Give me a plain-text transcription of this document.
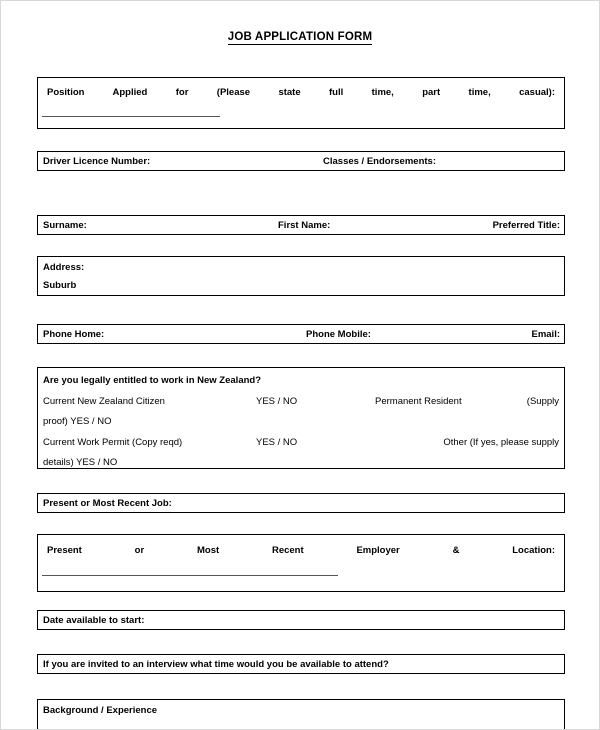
JOB APPLICATION FORM
Position Applied for (Please state full time, part time, casual):
Driver Licence Number:	Classes / Endorsements:
Surname:	First Name:	Preferred Title:
Address:
Suburb
Phone Home:	Phone Mobile:	Email:
Are you legally entitled to work in New Zealand?
Current New Zealand Citizen	YES / NO	Permanent Resident	(Supply
proof) YES / NO
Current Work Permit (Copy reqd)	YES / NO	Other (If yes, please supply
details) YES / NO
Present or Most Recent Job:
Present or Most Recent Employer & Location:
Date available to start:
If you are invited to an interview what time would you be available to attend?
Background / Experience
